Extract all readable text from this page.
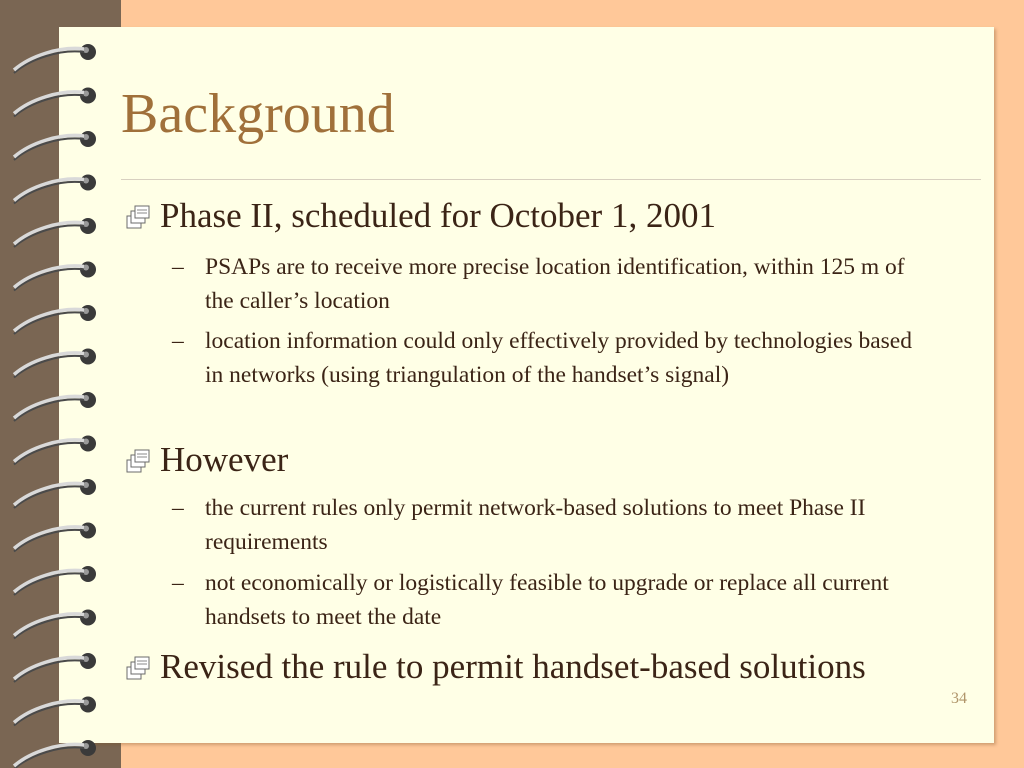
Background
Phase II, scheduled for October 1, 2001
– PSAPs are to receive more precise location identification, within 125 m of the caller’s location
– location information could only effectively provided by technologies based in networks (using triangulation of the handset’s signal)
However
– the current rules only permit network-based solutions to meet Phase II   requirements
– not economically or logistically feasible to upgrade or replace all current handsets to meet the date
Revised the rule to permit handset-based solutions
34
